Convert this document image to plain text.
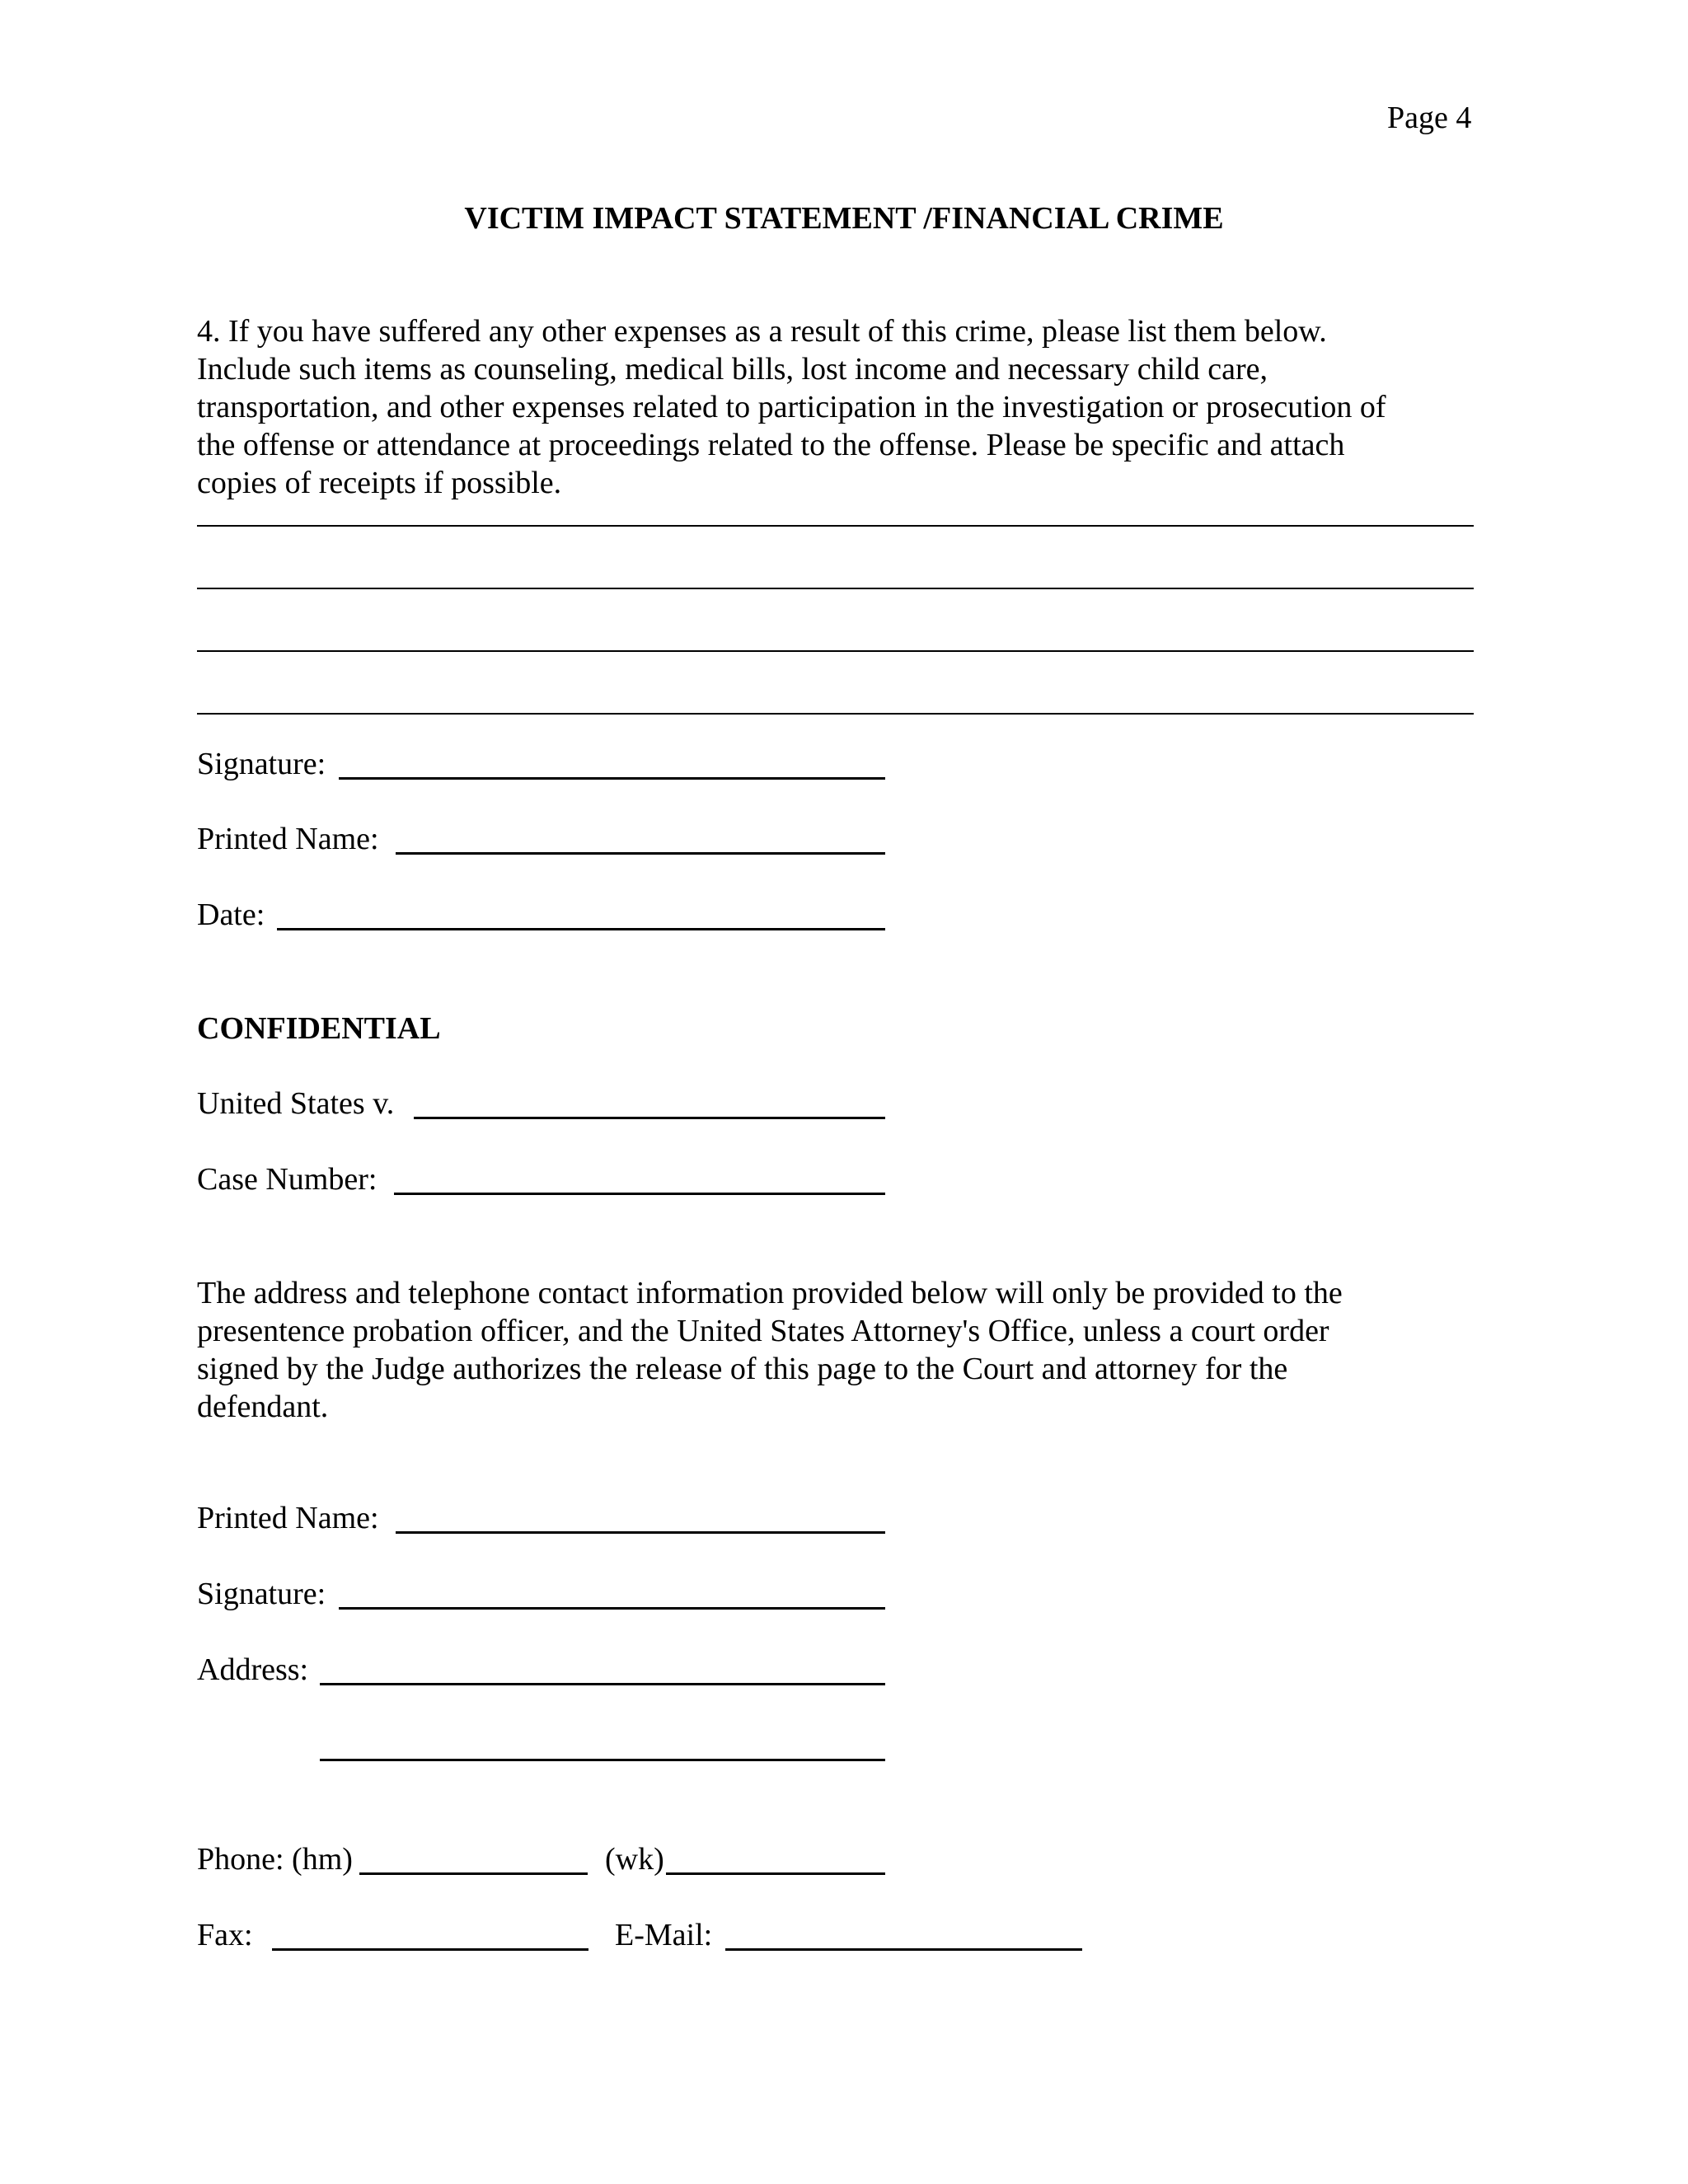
Page 4
VICTIM IMPACT STATEMENT /FINANCIAL CRIME
4. If you have suffered any other expenses as a result of this crime, please list them below.
Include such items as counseling, medical bills, lost income and necessary child care,
transportation, and other expenses related to participation in the investigation or prosecution of
the offense or attendance at proceedings related to the offense. Please be specific and attach
copies of receipts if possible.
Signature:
Printed Name:
Date:
CONFIDENTIAL
United States v.
Case Number:
The address and telephone contact information provided below will only be provided to the
presentence probation officer, and the United States Attorney's Office, unless a court order
signed by the Judge authorizes the release of this page to the Court and attorney for the
defendant.
Printed Name:
Signature:
Address:
Phone: (hm)	(wk)
Fax:	E-Mail:
